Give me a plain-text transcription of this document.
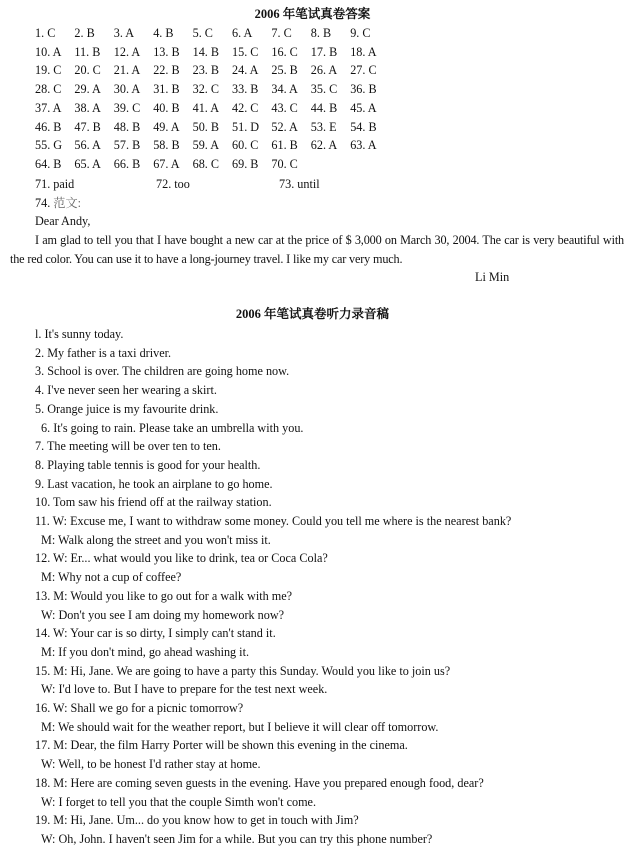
2006 年笔试真卷答案
1. C 2. B 3. A 4. B 5. C 6. A 7. C 8. B 9. C
10. A 11. B 12. A 13. B 14. B 15. C 16. C 17. B 18. A
19. C 20. C 21. A 22. B 23. B 24. A 25. B 26. A 27. C
28. C 29. A 30. A 31. B 32. C 33. B 34. A 35. C 36. B
37. A 38. A 39. C 40. B 41. A 42. C 43. C 44. B 45. A
46. B 47. B 48. B 49. A 50. B 51. D 52. A 53. E 54. B
55. G 56. A 57. B 58. B 59. A 60. C 61. B 62. A 63. A
64. B 65. A 66. B 67. A 68. C 69. B 70. C
71. paid	72. too	73. until
74. 范文:
Dear Andy,
I am glad to tell you that I have bought a new car at the price of $ 3,000 on March 30, 2004. The car is very beautiful with the red color. You can use it to have a long-journey travel. I like my car very much.
Li Min
2006 年笔试真卷听力录音稿
l. It's sunny today.
2. My father is a taxi driver.
3. School is over. The children are going home now.
4. I've never seen her wearing a skirt.
5. Orange juice is my favourite drink.
6. It's going to rain. Please take an umbrella with you.
7. The meeting will be over ten to ten.
8. Playing table tennis is good for your health.
9. Last vacation, he took an airplane to go home.
10. Tom saw his friend off at the railway station.
11. W: Excuse me, I want to withdraw some money. Could you tell me where is the nearest bank?
M: Walk along the street and you won't miss it.
12. W: Er... what would you like to drink, tea or Coca Cola?
M: Why not a cup of coffee?
13. M: Would you like to go out for a walk with me?
W: Don't you see I am doing my homework now?
14. W: Your car is so dirty, I simply can't stand it.
M: If you don't mind, go ahead washing it.
15. M: Hi, Jane. We are going to have a party this Sunday. Would you like to join us?
W: I'd love to. But I have to prepare for the test next week.
16. W: Shall we go for a picnic tomorrow?
M: We should wait for the weather report, but I believe it will clear off tomorrow.
17. M: Dear, the film Harry Porter will be shown this evening in the cinema.
W: Well, to be honest I'd rather stay at home.
18. M: Here are coming seven guests in the evening. Have you prepared enough food, dear?
W: I forget to tell you that the couple Simth won't come.
19. M: Hi, Jane. Um... do you know how to get in touch with Jim?
W: Oh, John. I haven't seen Jim for a while. But you can try this phone number?
